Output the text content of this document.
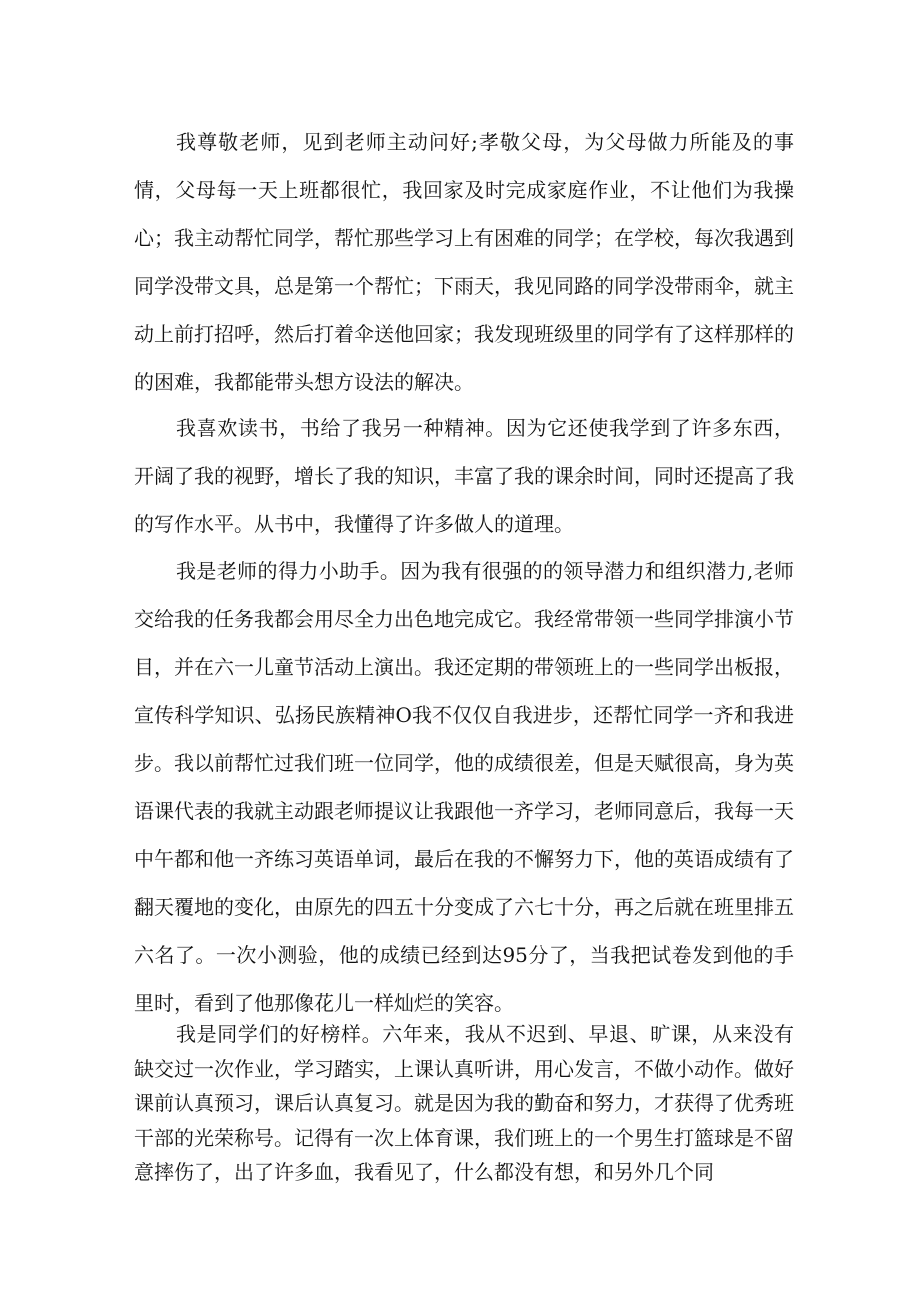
我尊敬老师，见到老师主动问好;孝敬父母，为父母做力所能及的事情，父母每一天上班都很忙，我回家及时完成家庭作业，不让他们为我操心；我主动帮忙同学，帮忙那些学习上有困难的同学；在学校，每次我遇到同学没带文具，总是第一个帮忙；下雨天，我见同路的同学没带雨伞，就主动上前打招呼，然后打着伞送他回家；我发现班级里的同学有了这样那样的的困难，我都能带头想方设法的解决。

我喜欢读书，书给了我另一种精神。因为它还使我学到了许多东西，开阔了我的视野，增长了我的知识，丰富了我的课余时间，同时还提高了我的写作水平。从书中，我懂得了许多做人的道理。

我是老师的得力小助手。因为我有很强的的领导潜力和组织潜力,老师交给我的任务我都会用尽全力出色地完成它。我经常带领一些同学排演小节目，并在六一儿童节活动上演出。我还定期的带领班上的一些同学出板报，宣传科学知识、弘扬民族精神O我不仅仅自我进步，还帮忙同学一齐和我进步。我以前帮忙过我们班一位同学，他的成绩很差，但是天赋很高，身为英语课代表的我就主动跟老师提议让我跟他一齐学习，老师同意后，我每一天中午都和他一齐练习英语单词，最后在我的不懈努力下，他的英语成绩有了翻天覆地的变化，由原先的四五十分变成了六七十分，再之后就在班里排五六名了。一次小测验，他的成绩已经到达95分了，当我把试卷发到他的手里时，看到了他那像花儿一样灿烂的笑容。

我是同学们的好榜样。六年来，我从不迟到、早退、旷课，从来没有缺交过一次作业，学习踏实，上课认真听讲，用心发言，不做小动作。做好课前认真预习，课后认真复习。就是因为我的勤奋和努力，才获得了优秀班干部的光荣称号。记得有一次上体育课，我们班上的一个男生打篮球是不留意摔伤了，出了许多血，我看见了，什么都没有想，和另外几个同
